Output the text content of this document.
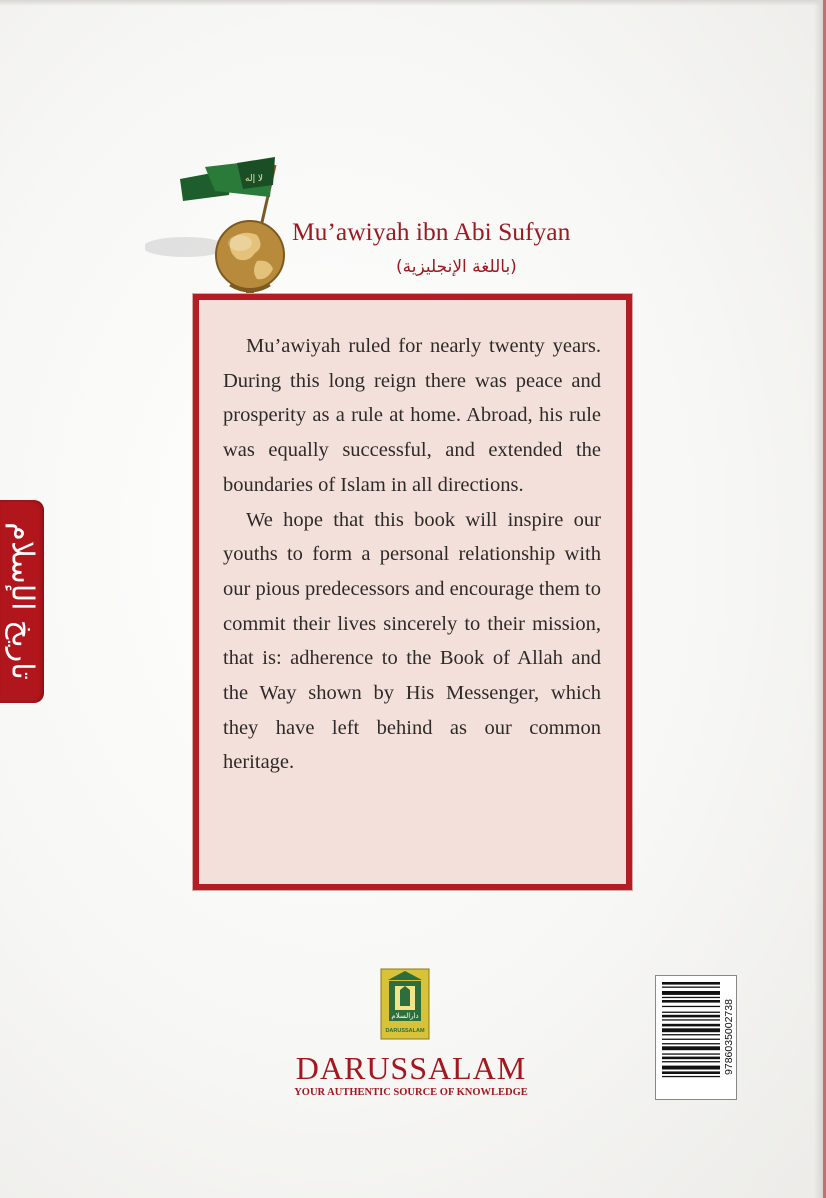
تاريخ الإسلام
لا إله
Mu’awiyah ibn Abi Sufyan
(باللغة الإنجليزية)

Mu’awiyah ruled for nearly twenty years. During this long reign there was peace and prosperity as a rule at home. Abroad, his rule was equally successful, and extended the boundaries of Islam in all directions.

We hope that this book will inspire our youths to form a personal relationship with our pious predecessors and encourage them to commit their lives sincerely to their mission, that is: adherence to the Book of Allah and the Way shown by His Messenger, which they have left behind as our common heritage.

دارالسلام
DARUSSALAM
DARUSSALAM
YOUR AUTHENTIC SOURCE OF KNOWLEDGE
9786035002738
